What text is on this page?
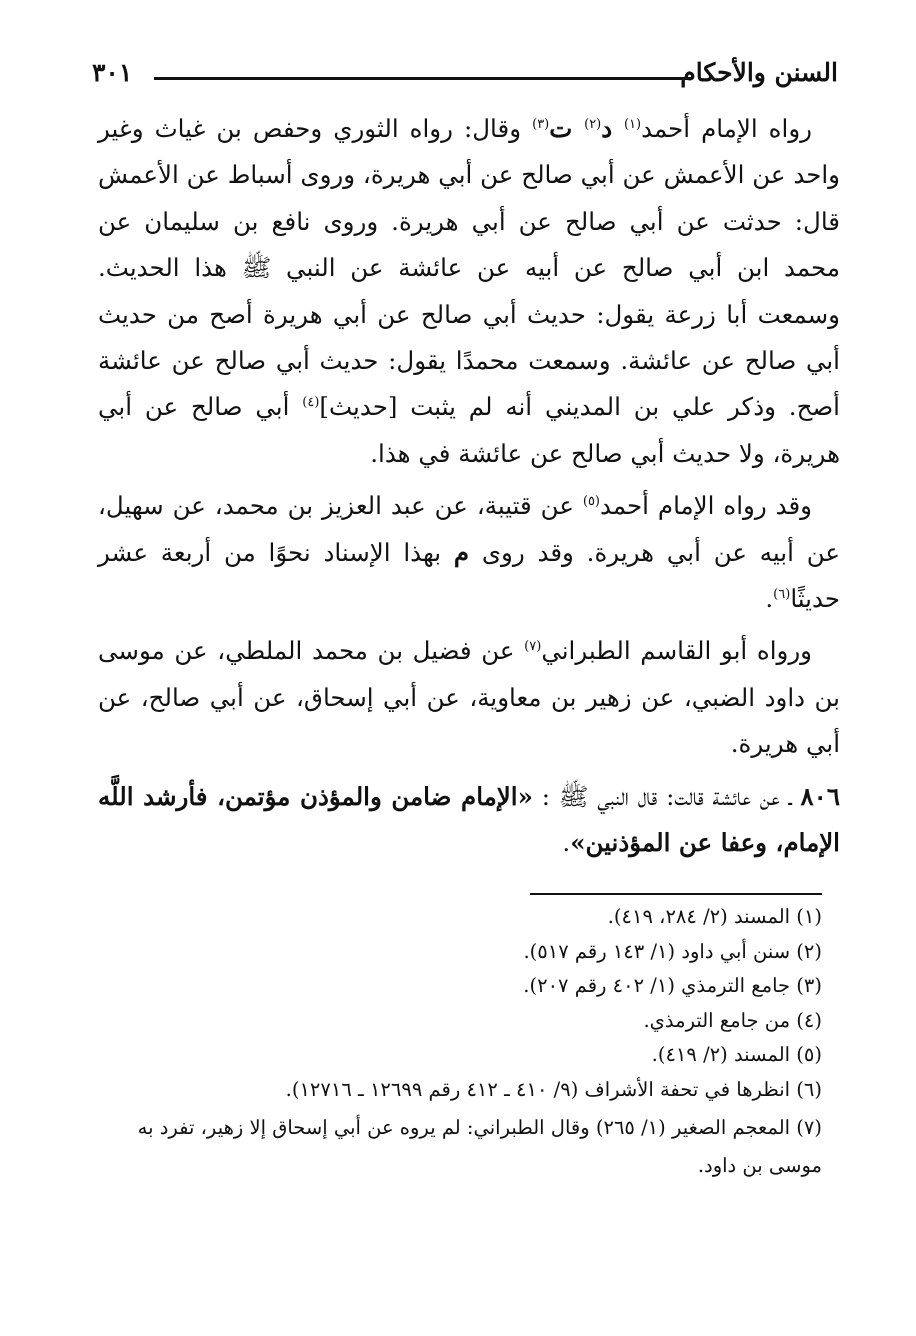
السنن والأحكام
٣٠١

رواه الإمام أحمد$^{(١)}$ د$^{(٢)}$ ت$^{(٣)}$ وقال: رواه الثوري وحفص بن غياث وغير واحد عن الأعمش عن أبي صالح عن أبي هريرة، وروى أسباط عن الأعمش قال: حدثت عن أبي صالح عن أبي هريرة. وروى نافع بن سليمان عن محمد ابن أبي صالح عن أبيه عن عائشة عن النبي ﷺ هذا الحديث. وسمعت أبا زرعة يقول: حديث أبي صالح عن أبي هريرة أصح من حديث أبي صالح عن عائشة. وسمعت محمدًا يقول: حديث أبي صالح عن عائشة أصح. وذكر علي بن المديني أنه لم يثبت [حديث]$^{(٤)}$ أبي صالح عن أبي هريرة، ولا حديث أبي صالح عن عائشة في هذا.

وقد رواه الإمام أحمد$^{(٥)}$ عن قتيبة، عن عبد العزيز بن محمد، عن سهيل، عن أبيه عن أبي هريرة. وقد روى م بهذا الإسناد نحوًا من أربعة عشر حديثًا$^{(٦)}$.

ورواه أبو القاسم الطبراني$^{(٧)}$ عن فضيل بن محمد الملطي، عن موسى بن داود الضبي، عن زهير بن معاوية، عن أبي إسحاق، عن أبي صالح، عن أبي هريرة.

٨٠٦ ـ عن عائشة قالت: قال النبي ﷺ : «الإمام ضامن والمؤذن مؤتمن، فأرشد اللَّه الإمام، وعفا عن المؤذنين».

(١) المسند (٢/ ٢٨٤، ٤١٩).

(٢) سنن أبي داود (١/ ١٤٣ رقم ٥١٧).

(٣) جامع الترمذي (١/ ٤٠٢ رقم ٢٠٧).

(٤) من جامع الترمذي.

(٥) المسند (٢/ ٤١٩).

(٦) انظرها في تحفة الأشراف (٩/ ٤١٠ ـ ٤١٢ رقم ١٢٦٩٩ ـ ١٢٧١٦).

(٧) المعجم الصغير (١/ ٢٦٥) وقال الطبراني: لم يروه عن أبي إسحاق إلا زهير، تفرد به موسى بن داود.
